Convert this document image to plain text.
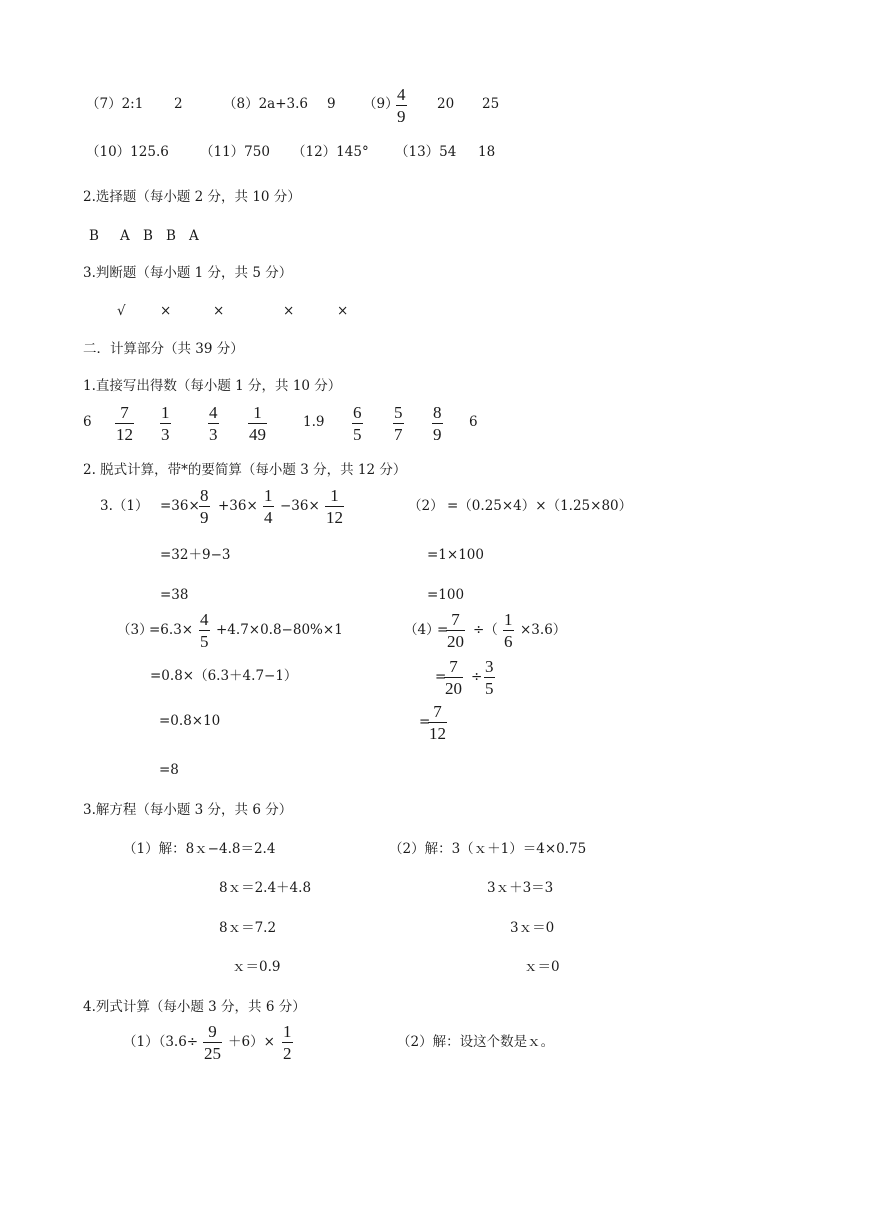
（7）2:1 2	（8）2a+3.6 9 （9）
4
9
20 25
（10）125.6 （11）750 （12）145° （13）54 18
2.选择题（每小题 2 分，共 10 分）
B A B B A
3.判断题（每小题 1 分，共 5 分）
√	×	×	×	×
二．计算部分（共 39 分）
1.直接写出得数（每小题 1 分，共 10 分）
6 7
12
1
3
4
3
1
49
1.9 6
5
5
7
8
9
6
2. 脱式计算，带*的要简算（每小题 3 分，共 12 分）
3.（1） =36×
8
9
+36×
1
4
−36×
1
12
=32＋9−3
=38
（2） =（0.25×4）×（1.25×80）
=1×100
=100
（3）
=6.3×
4
5
+4.7×0.8−80%×1
=0.8×（6.3＋4.7−1）
=0.8×10
=8
（4）
=
7
20
÷（
1
6
×3.6）
=
7
20
÷
3
5
=
7
12
3.解方程（每小题 3 分，共 6 分）
（1）解：8ｘ−4.8＝2.4
8ｘ＝2.4＋4.8
8ｘ＝7.2
ｘ＝0.9
（2）解：3（ｘ＋1）＝4×0.75
3ｘ＋3＝3
3ｘ＝0
ｘ＝0
4.列式计算（每小题 3 分，共 6 分）
（1）（3.6÷
9
25
＋6）×
1
2
（2）解：设这个数是ｘ。
